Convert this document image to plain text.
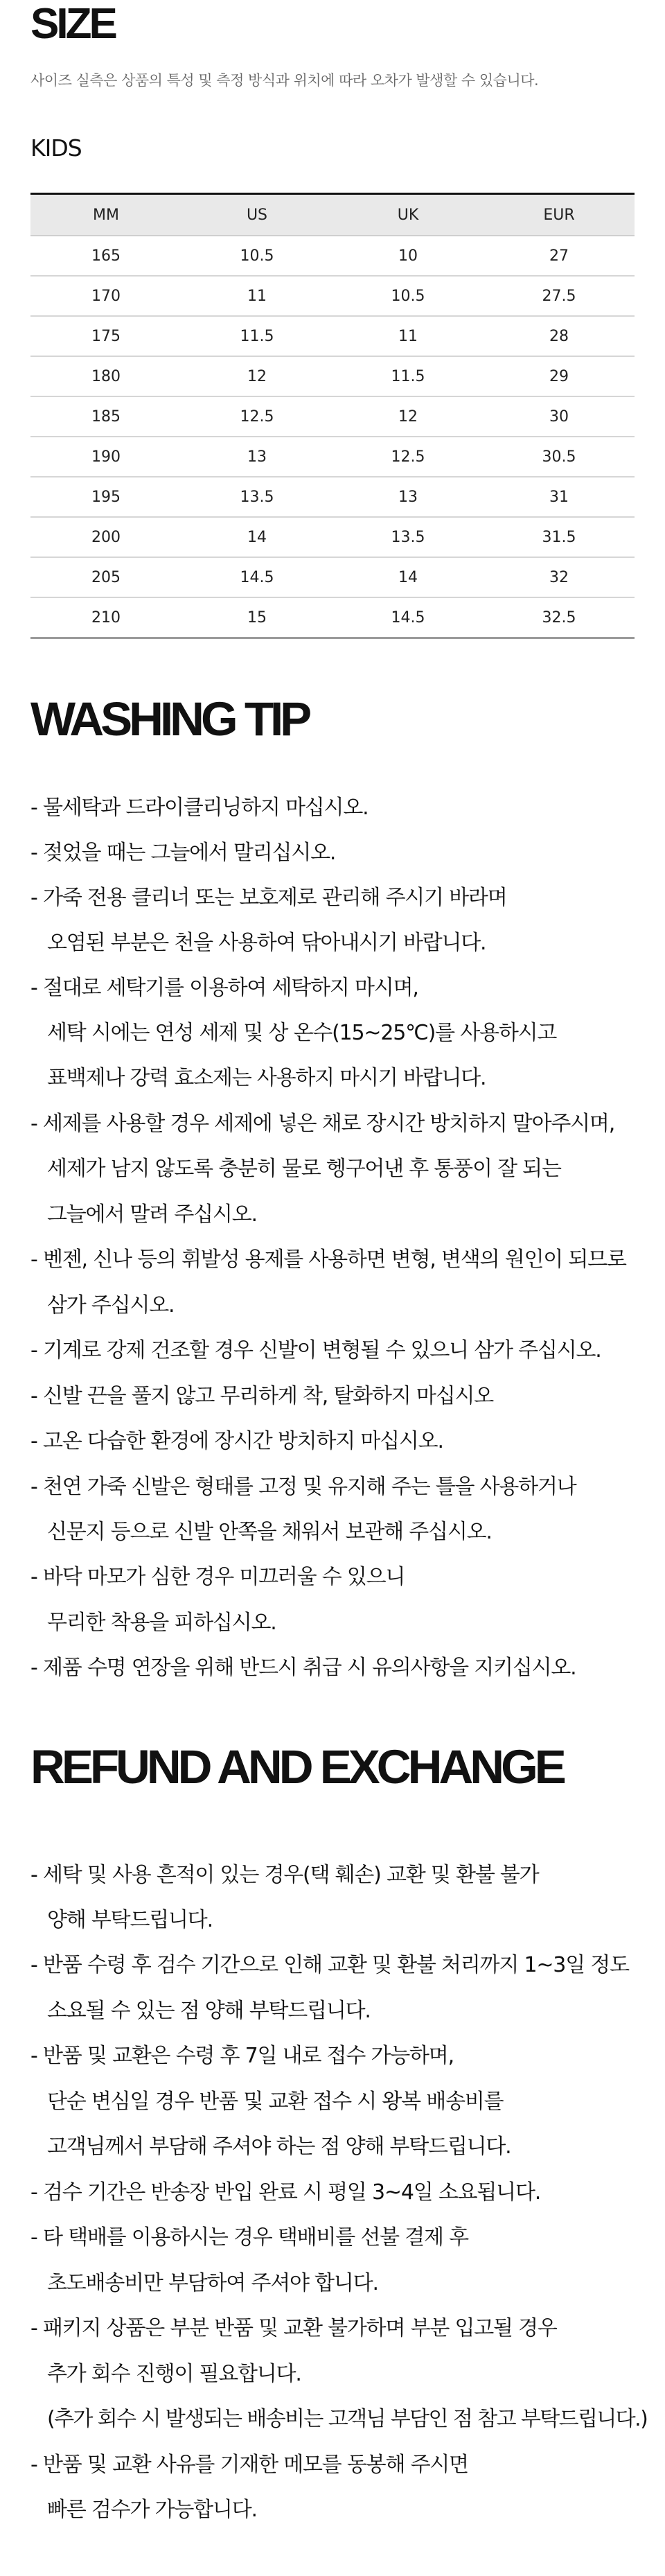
SIZE
사이즈 실측은 상품의 특성 및 측정 방식과 위치에 따라 오차가 발생할 수 있습니다.
KIDS
MM	US	UK	EUR
165	10.5	10	27
170	11	10.5	27.5
175	11.5	11	28
180	12	11.5	29
185	12.5	12	30
190	13	12.5	30.5
195	13.5	13	31
200	14	13.5	31.5
205	14.5	14	32
210	15	14.5	32.5
WASHING TIP
- 물세탁과 드라이클리닝하지 마십시오.
- 젖었을 때는 그늘에서 말리십시오.
- 가죽 전용 클리너 또는 보호제로 관리해 주시기 바라며
오염된 부분은 천을 사용하여 닦아내시기 바랍니다.
- 절대로 세탁기를 이용하여 세탁하지 마시며,
세탁 시에는 연성 세제 및 상 온수(15~25℃)를 사용하시고
표백제나 강력 효소제는 사용하지 마시기 바랍니다.
- 세제를 사용할 경우 세제에 넣은 채로 장시간 방치하지 말아주시며,
세제가 남지 않도록 충분히 물로 헹구어낸 후 통풍이 잘 되는
그늘에서 말려 주십시오.
- 벤젠, 신나 등의 휘발성 용제를 사용하면 변형, 변색의 원인이 되므로
삼가 주십시오.
- 기계로 강제 건조할 경우 신발이 변형될 수 있으니 삼가 주십시오.
- 신발 끈을 풀지 않고 무리하게 착, 탈화하지 마십시오
- 고온 다습한 환경에 장시간 방치하지 마십시오.
- 천연 가죽 신발은 형태를 고정 및 유지해 주는 틀을 사용하거나
신문지 등으로 신발 안쪽을 채워서 보관해 주십시오.
- 바닥 마모가 심한 경우 미끄러울 수 있으니
무리한 착용을 피하십시오.
- 제품 수명 연장을 위해 반드시 취급 시 유의사항을 지키십시오.
REFUND AND EXCHANGE
- 세탁 및 사용 흔적이 있는 경우(택 훼손) 교환 및 환불 불가
양해 부탁드립니다.
- 반품 수령 후 검수 기간으로 인해 교환 및 환불 처리까지 1~3일 정도
소요될 수 있는 점 양해 부탁드립니다.
- 반품 및 교환은 수령 후 7일 내로 접수 가능하며,
단순 변심일 경우 반품 및 교환 접수 시 왕복 배송비를
고객님께서 부담해 주셔야 하는 점 양해 부탁드립니다.
- 검수 기간은 반송장 반입 완료 시 평일 3~4일 소요됩니다.
- 타 택배를 이용하시는 경우 택배비를 선불 결제 후
초도배송비만 부담하여 주셔야 합니다.
- 패키지 상품은 부분 반품 및 교환 불가하며 부분 입고될 경우
추가 회수 진행이 필요합니다.
(추가 회수 시 발생되는 배송비는 고객님 부담인 점 참고 부탁드립니다.)
- 반품 및 교환 사유를 기재한 메모를 동봉해 주시면
빠른 검수가 가능합니다.
